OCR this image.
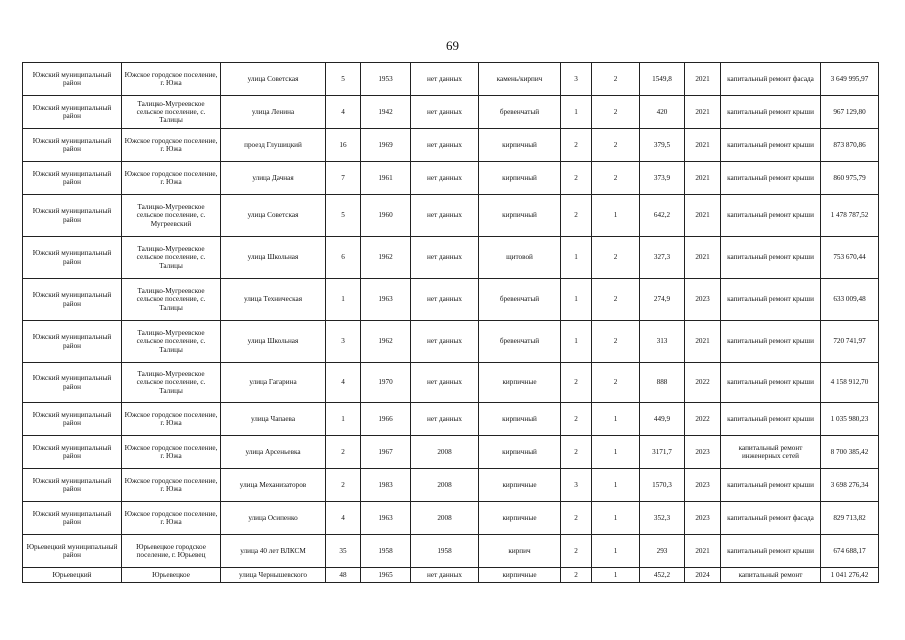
69
Южский муниципальный район	Южское городское поселение, г. Южа	улица Советская	5	1953	нет данных	камень/кирпич	3	2	1549,8	2021	капитальный ремонт фасада	3 649 995,97
Южский муниципальный район	Талицко-Мугреевское сельское поселение, с. Талицы	улица Ленина	4	1942	нет данных	бревенчатый	1	2	420	2021	капитальный ремонт крыши	967 129,80
Южский муниципальный район	Южское городское поселение, г. Южа	проезд Глушицкий	16	1969	нет данных	кирпичный	2	2	379,5	2021	капитальный ремонт крыши	873 870,86
Южский муниципальный район	Южское городское поселение, г. Южа	улица Дачная	7	1961	нет данных	кирпичный	2	2	373,9	2021	капитальный ремонт крыши	860 975,79
Южский муниципальный район	Талицко-Мугреевское сельское поселение, с. Мугреевский	улица Советская	5	1960	нет данных	кирпичный	2	1	642,2	2021	капитальный ремонт крыши	1 478 787,52
Южский муниципальный район	Талицко-Мугреевское сельское поселение, с. Талицы	улица Школьная	6	1962	нет данных	щитовой	1	2	327,3	2021	капитальный ремонт крыши	753 670,44
Южский муниципальный район	Талицко-Мугреевское сельское поселение, с. Талицы	улица Техническая	1	1963	нет данных	бревенчатый	1	2	274,9	2023	капитальный ремонт крыши	633 009,48
Южский муниципальный район	Талицко-Мугреевское сельское поселение, с. Талицы	улица Школьная	3	1962	нет данных	бревенчатый	1	2	313	2021	капитальный ремонт крыши	720 741,97
Южский муниципальный район	Талицко-Мугреевское сельское поселение, с. Талицы	улица Гагарина	4	1970	нет данных	кирпичные	2	2	888	2022	капитальный ремонт крыши	4 158 912,70
Южский муниципальный район	Южское городское поселение, г. Южа	улица Чапаева	1	1966	нет данных	кирпичный	2	1	449,9	2022	капитальный ремонт крыши	1 035 980,23
Южский муниципальный район	Южское городское поселение, г. Южа	улица Арсеньевка	2	1967	2008	кирпичный	2	1	3171,7	2023	капитальный ремонт инженерных сетей	8 700 385,42
Южский муниципальный район	Южское городское поселение, г. Южа	улица Механизаторов	2	1983	2008	кирпичные	3	1	1570,3	2023	капитальный ремонт крыши	3 698 276,34
Южский муниципальный район	Южское городское поселение, г. Южа	улица Осипенко	4	1963	2008	кирпичные	2	1	352,3	2023	капитальный ремонт фасада	829 713,82
Юрьевецкий муниципальный район	Юрьевецкое городское поселение, г. Юрьевец	улица 40 лет ВЛКСМ	35	1958	1958	кирпич	2	1	293	2021	капитальный ремонт крыши	674 688,17
Юрьевецкий	Юрьевецкое	улица Чернышевского	48	1965	нет данных	кирпичные	2	1	452,2	2024	капитальный ремонт	1 041 276,42
